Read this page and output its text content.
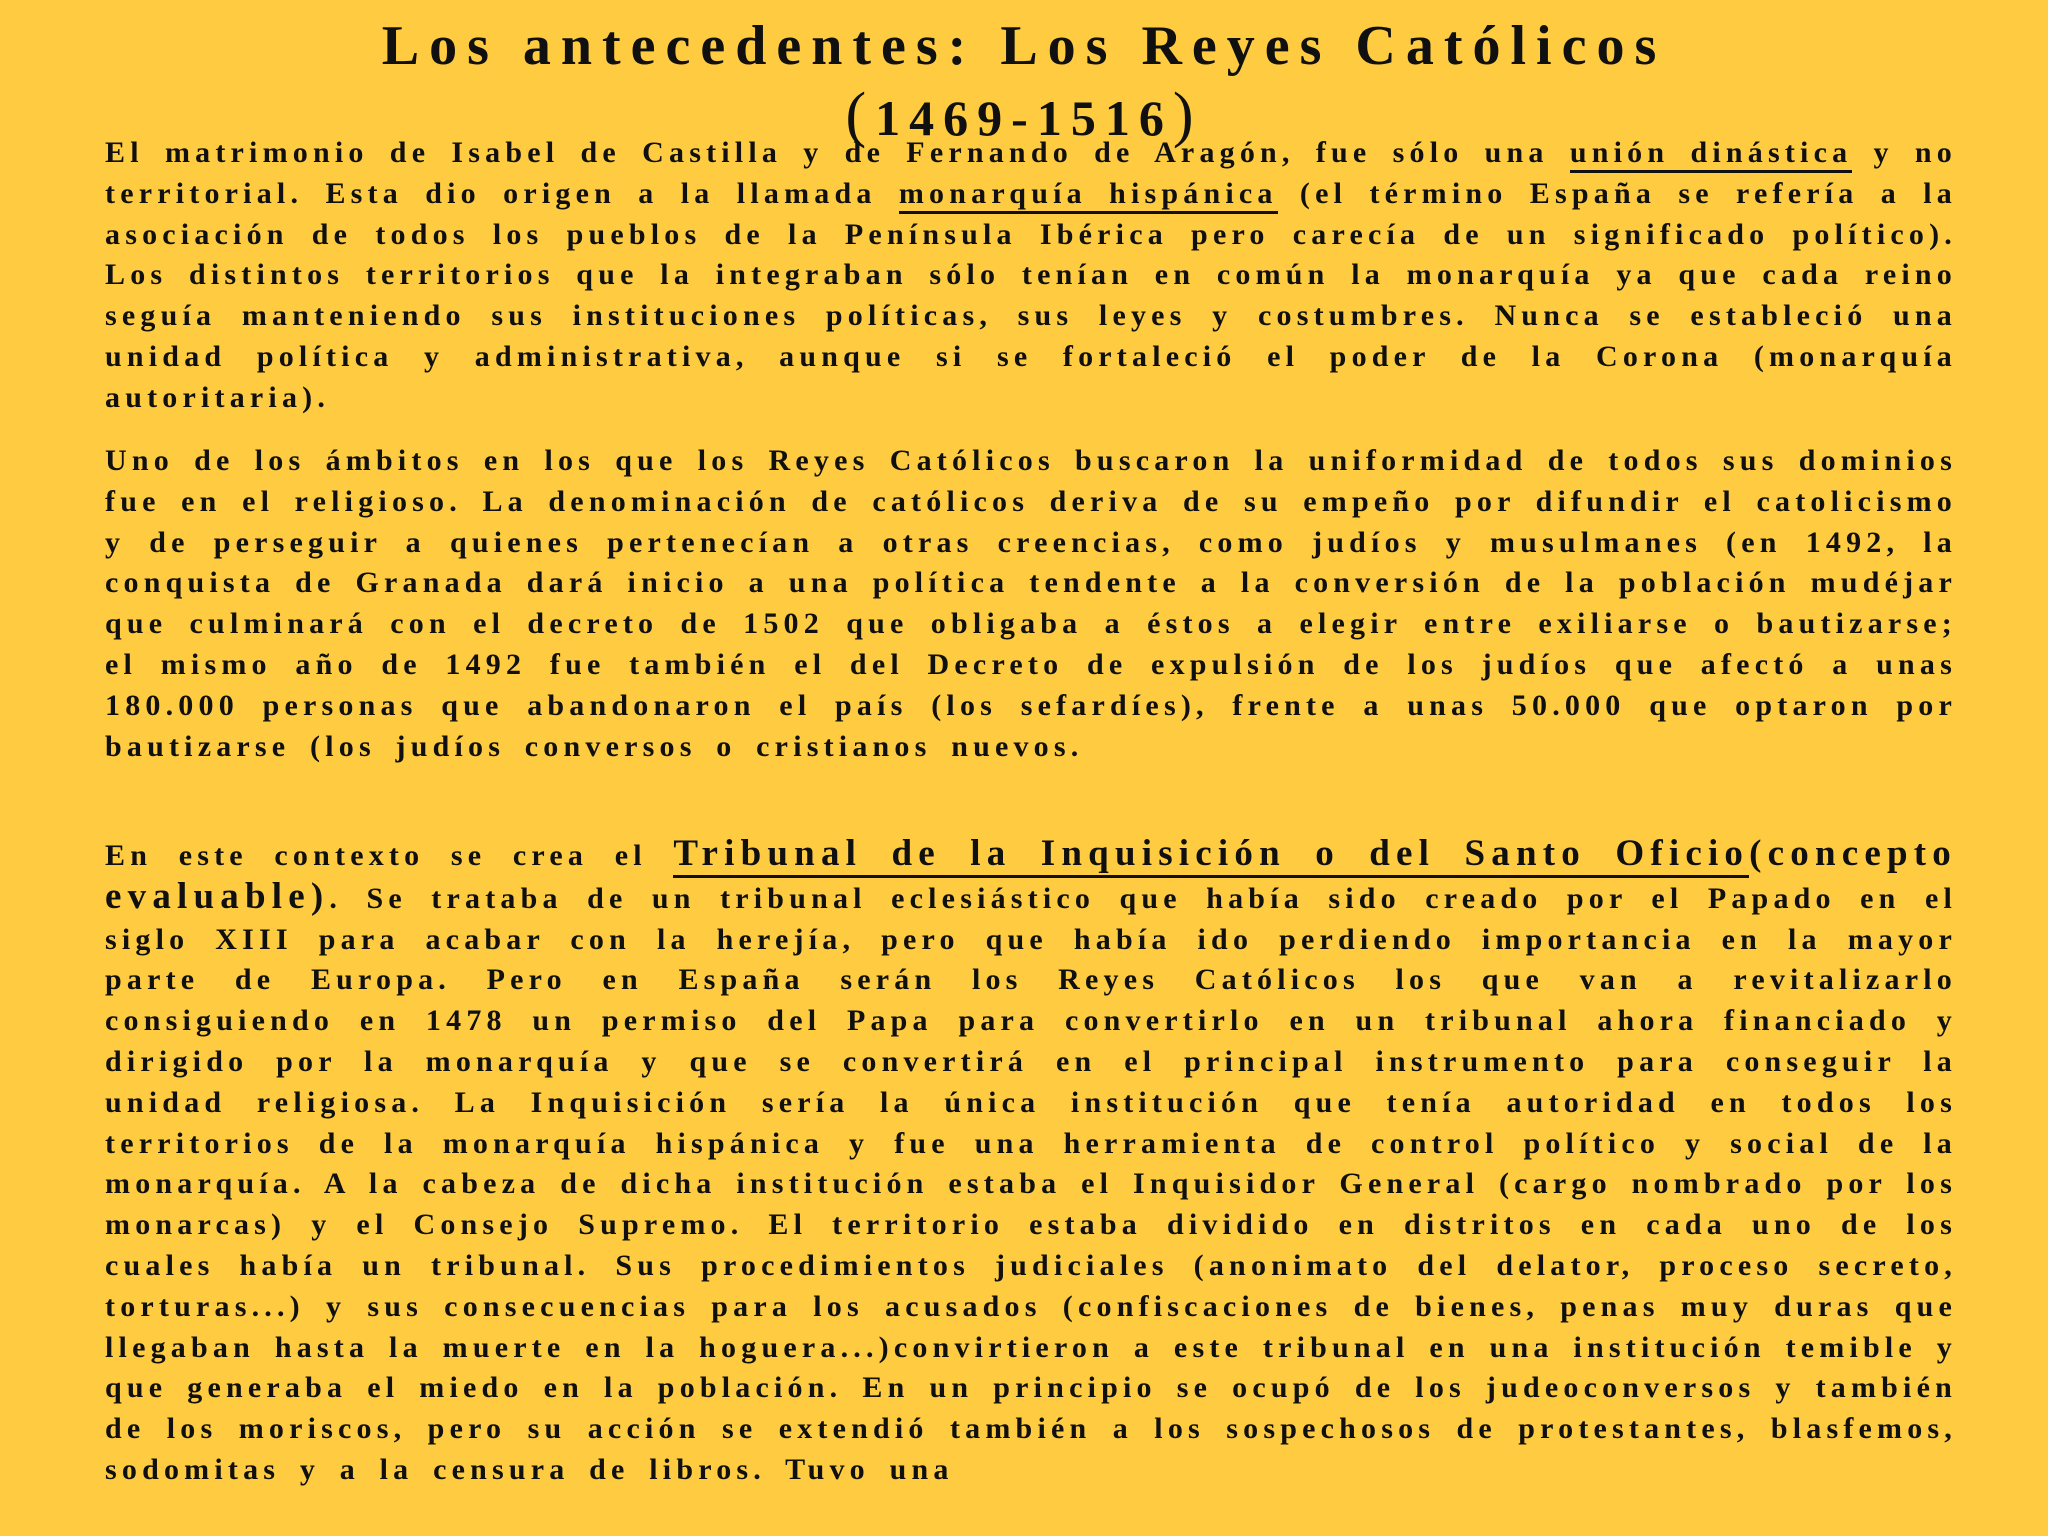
Los antecedentes: Los Reyes Católicos
(1469-1516)

El matrimonio de Isabel de Castilla y de Fernando de Aragón, fue sólo una unión dinástica y no territorial. Esta dio origen a la llamada monarquía hispánica (el término España se refería a la asociación de todos los pueblos de la Península Ibérica pero carecía de un significado político). Los distintos territorios que la integraban sólo tenían en común la monarquía ya que cada reino seguía manteniendo sus instituciones políticas, sus leyes y costumbres. Nunca se estableció una unidad política y administrativa, aunque si se fortaleció el poder de la Corona (monarquía autoritaria).

Uno de los ámbitos en los que los Reyes Católicos buscaron la uniformidad de todos sus dominios fue en el religioso. La denominación de católicos deriva de su empeño por difundir el catolicismo y de perseguir a quienes pertenecían a otras creencias, como judíos y musulmanes (en 1492, la conquista de Granada dará inicio a una política tendente a la conversión de la población mudéjar que culminará con el decreto de 1502 que obligaba a éstos a elegir entre exiliarse o bautizarse; el mismo año de 1492 fue también el del Decreto de expulsión de los judíos que afectó a unas 180.000 personas que abandonaron el país (los sefardíes), frente a unas 50.000 que optaron por bautizarse (los judíos conversos o cristianos nuevos.

En este contexto se crea el Tribunal de la Inquisición o del Santo Oficio(concepto evaluable). Se trataba de un tribunal eclesiástico que había sido creado por el Papado en el siglo XIII para acabar con la herejía, pero que había ido perdiendo importancia en la mayor parte de Europa. Pero en España serán los Reyes Católicos los que van a revitalizarlo consiguiendo en 1478 un permiso del Papa para convertirlo en un tribunal ahora financiado y dirigido por la monarquía y que se convertirá en el principal instrumento para conseguir la unidad religiosa. La Inquisición sería la única institución que tenía autoridad en todos los territorios de la monarquía hispánica y fue una herramienta de control político y social de la monarquía. A la cabeza de dicha institución estaba el Inquisidor General (cargo nombrado por los monarcas) y el Consejo Supremo. El territorio estaba dividido en distritos en cada uno de los cuales había un tribunal. Sus procedimientos judiciales (anonimato del delator, proceso secreto, torturas...) y sus consecuencias para los acusados (confiscaciones de bienes, penas muy duras que llegaban hasta la muerte en la hoguera...)convirtieron a este tribunal en una institución temible y que generaba el miedo en la población. En un principio se ocupó de los judeoconversos y también de los moriscos, pero su acción se extendió también a los sospechosos de protestantes, blasfemos, sodomitas y a la censura de libros. Tuvo una
